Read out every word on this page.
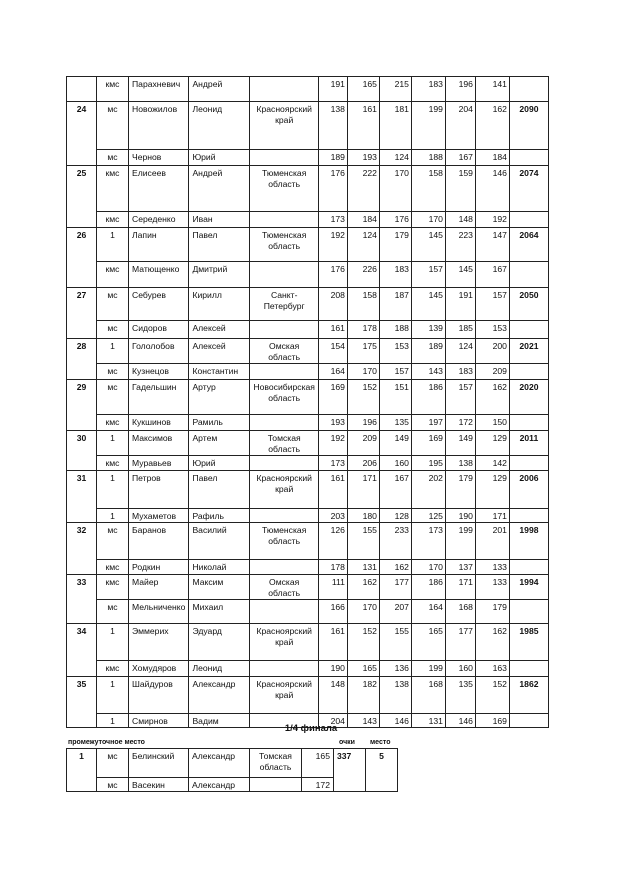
	кмс	Парахневич	Андрей		191	165	215	183	196	141	
24	мс	Новожилов	Леонид	Красноярский край	138	161	181	199	204	162	2090
	мс	Чернов	Юрий		189	193	124	188	167	184	
25	кмс	Елисеев	Андрей	Тюменская область	176	222	170	158	159	146	2074
	кмс	Середенко	Иван		173	184	176	170	148	192	
26	1	Лапин	Павел	Тюменская область	192	124	179	145	223	147	2064
	кмс	Матющенко	Дмитрий		176	226	183	157	145	167	
27	мс	Себурев	Кирилл	Санкт-Петербург	208	158	187	145	191	157	2050
	мс	Сидоров	Алексей		161	178	188	139	185	153	
28	1	Гололобов	Алексей	Омская область	154	175	153	189	124	200	2021
	мс	Кузнецов	Константин		164	170	157	143	183	209	
29	мс	Гадельшин	Артур	Новосибирская область	169	152	151	186	157	162	2020
	кмс	Кукшинов	Рамиль		193	196	135	197	172	150	
30	1	Максимов	Артем	Томская область	192	209	149	169	149	129	2011
	кмс	Муравьев	Юрий		173	206	160	195	138	142	
31	1	Петров	Павел	Красноярский край	161	171	167	202	179	129	2006
	1	Мухаметов	Рафиль		203	180	128	125	190	171	
32	мс	Баранов	Василий	Тюменская область	126	155	233	173	199	201	1998
	кмс	Родкин	Николай		178	131	162	170	137	133	
33	кмс	Майер	Максим	Омская область	111	162	177	186	171	133	1994
	мс	Мельниченко	Михаил		166	170	207	164	168	179	
34	1	Эммерих	Эдуард	Красноярский край	161	152	155	165	177	162	1985
	кмс	Хомудяров	Леонид		190	165	136	199	160	163	
35	1	Шайдуров	Александр	Красноярский край	148	182	138	168	135	152	1862
	1	Смирнов	Вадим		204	143	146	131	146	169	
1/4 финала
промежуточное место	очки место
1	мс	Белинский	Александр	Томская область	165	337	5
	мс	Васекин	Александр		172		
